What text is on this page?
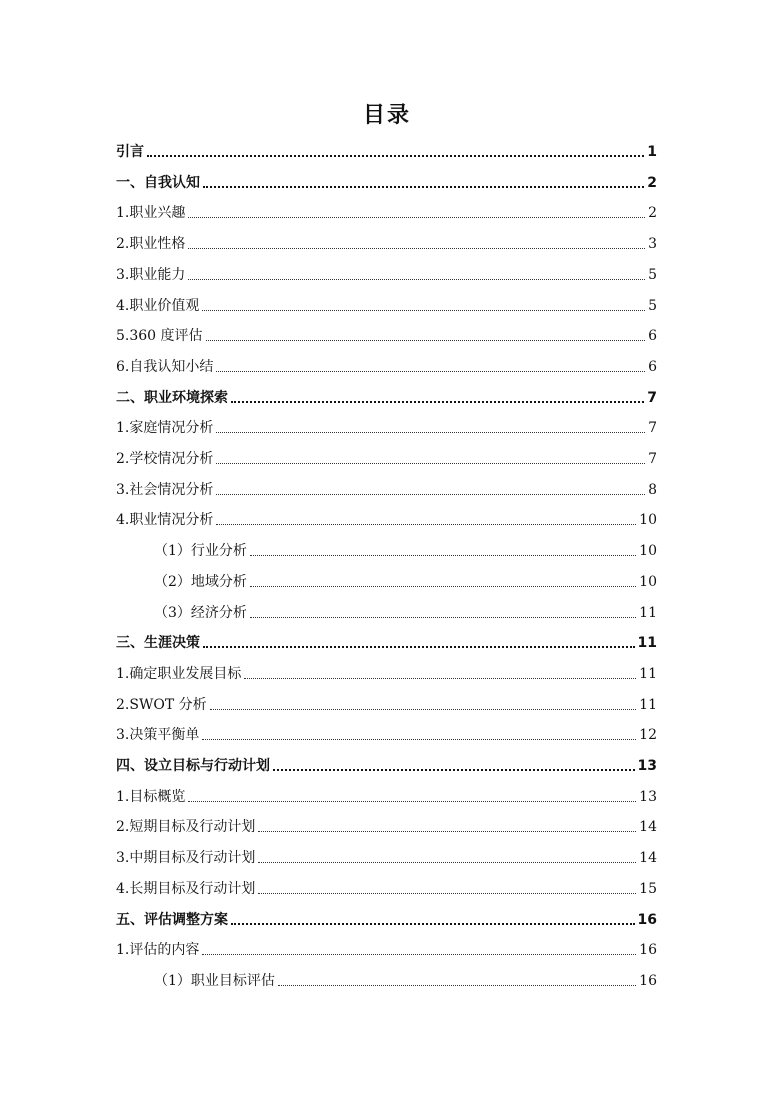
目录
引言	1
一、自我认知	2
1.职业兴趣	2
2.职业性格	3
3.职业能力	5
4.职业价值观	5
5.360 度评估	6
6.自我认知小结	6
二、职业环境探索	7
1.家庭情况分析	7
2.学校情况分析	7
3.社会情况分析	8
4.职业情况分析	10
（1）行业分析	10
（2）地域分析	10
（3）经济分析	11
三、生涯决策	11
1.确定职业发展目标	11
2.SWOT 分析	11
3.决策平衡单	12
四、设立目标与行动计划	13
1.目标概览	13
2.短期目标及行动计划	14
3.中期目标及行动计划	14
4.长期目标及行动计划	15
五、评估调整方案	16
1.评估的内容	16
（1）职业目标评估	16
